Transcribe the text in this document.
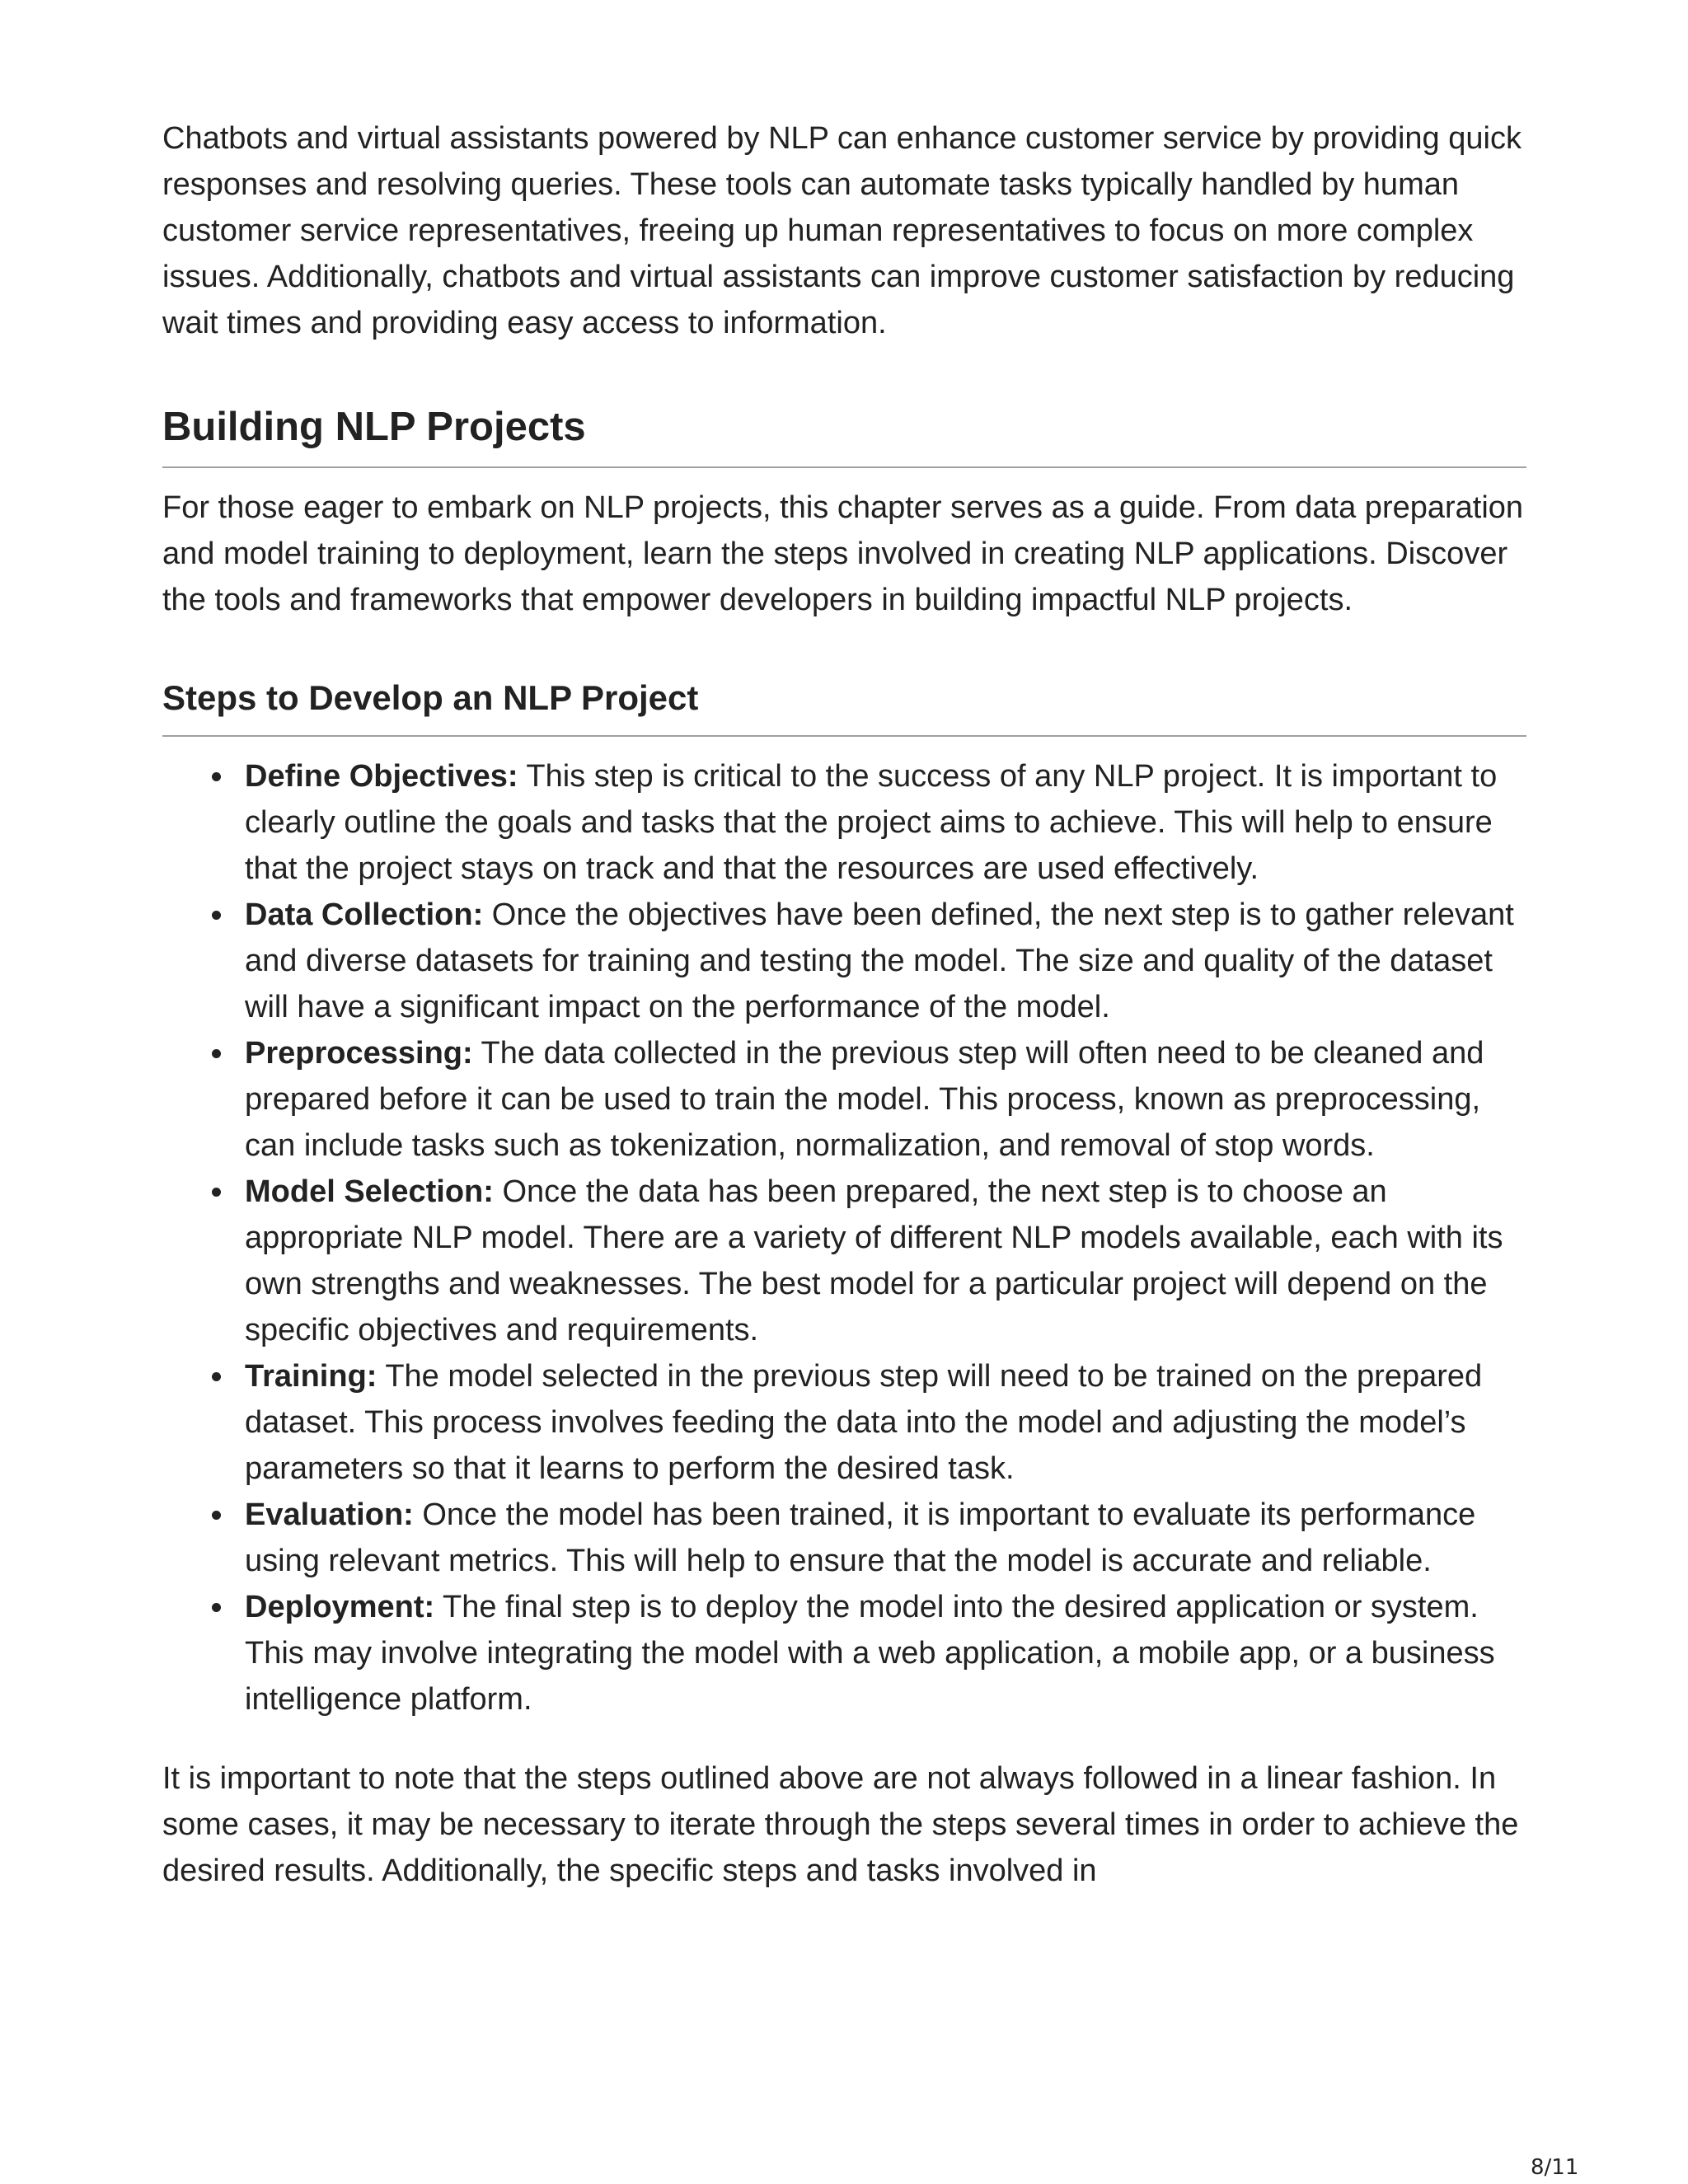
Chatbots and virtual assistants powered by NLP can enhance customer service by providing quick responses and resolving queries. These tools can automate tasks typically handled by human customer service representatives, freeing up human representatives to focus on more complex issues. Additionally, chatbots and virtual assistants can improve customer satisfaction by reducing wait times and providing easy access to information.

Building NLP Projects

For those eager to embark on NLP projects, this chapter serves as a guide. From data preparation and model training to deployment, learn the steps involved in creating NLP applications. Discover the tools and frameworks that empower developers in building impactful NLP projects.

Steps to Develop an NLP Project
Define Objectives: This step is critical to the success of any NLP project. It is important to clearly outline the goals and tasks that the project aims to achieve. This will help to ensure that the project stays on track and that the resources are used effectively.
Data Collection: Once the objectives have been defined, the next step is to gather relevant and diverse datasets for training and testing the model. The size and quality of the dataset will have a significant impact on the performance of the model.
Preprocessing: The data collected in the previous step will often need to be cleaned and prepared before it can be used to train the model. This process, known as preprocessing, can include tasks such as tokenization, normalization, and removal of stop words.
Model Selection: Once the data has been prepared, the next step is to choose an appropriate NLP model. There are a variety of different NLP models available, each with its own strengths and weaknesses. The best model for a particular project will depend on the specific objectives and requirements.
Training: The model selected in the previous step will need to be trained on the prepared dataset. This process involves feeding the data into the model and adjusting the model’s parameters so that it learns to perform the desired task.
Evaluation: Once the model has been trained, it is important to evaluate its performance using relevant metrics. This will help to ensure that the model is accurate and reliable.
Deployment: The final step is to deploy the model into the desired application or system. This may involve integrating the model with a web application, a mobile app, or a business intelligence platform.

It is important to note that the steps outlined above are not always followed in a linear fashion. In some cases, it may be necessary to iterate through the steps several times in order to achieve the desired results. Additionally, the specific steps and tasks involved in

8/11
